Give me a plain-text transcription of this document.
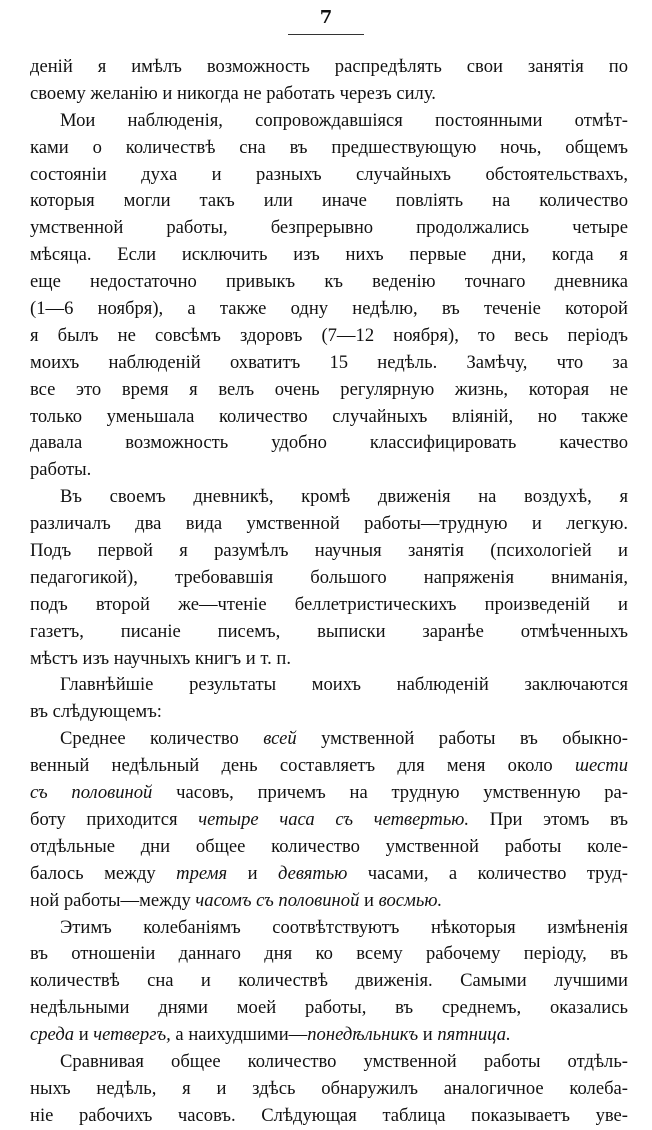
7
деній я имѣлъ возможность распредѣлять свои занятія по
своему желанію и никогда не работать черезъ силу.
Мои наблюденія, сопровождавшіяся постоянными отмѣт-
ками о количествѣ сна въ предшествующую ночь, общемъ
состояніи духа и разныхъ случайныхъ обстоятельствахъ,
которыя могли такъ или иначе повліять на количество
умственной работы, безпрерывно продолжались четыре
мѣсяца. Если исключить изъ нихъ первые дни, когда я
еще недостаточно привыкъ къ веденію точнаго дневника
(1—6 ноября), а также одну недѣлю, въ теченіе которой
я былъ не совсѣмъ здоровъ (7—12 ноября), то весь періодъ
моихъ наблюденій охватитъ 15 недѣль. Замѣчу, что за
все это время я велъ очень регулярную жизнь, которая не
только уменьшала количество случайныхъ вліяній, но также
давала возможность удобно классифицировать качество
работы.
Въ своемъ дневникѣ, кромѣ движенія на воздухѣ, я
различалъ два вида умственной работы—трудную и легкую.
Подъ первой я разумѣлъ научныя занятія (психологіей и
педагогикой), требовавшія большого напряженія вниманія,
подъ второй же—чтеніе беллетристическихъ произведеній и
газетъ, писаніе писемъ, выписки заранѣе отмѣченныхъ
мѣстъ изъ научныхъ книгъ и т. п.
Главнѣйшіе результаты моихъ наблюденій заключаются
въ слѣдующемъ:
Среднее количество всей умственной работы въ обыкно-
венный недѣльный день составляетъ для меня около шести
съ половиной часовъ, причемъ на трудную умственную ра-
боту приходится четыре часа съ четвертью. При этомъ въ
отдѣльные дни общее количество умственной работы коле-
балось между тремя и девятью часами, а количество труд-
ной работы—между часомъ съ половиной и восмью.
Этимъ колебаніямъ соотвѣтствуютъ нѣкоторыя измѣненія
въ отношеніи даннаго дня ко всему рабочему періоду, въ
количествѣ сна и количествѣ движенія. Самыми лучшими
недѣльными днями моей работы, въ среднемъ, оказались
среда и четвергъ, а наихудшими—понедѣльникъ и пятница.
Сравнивая общее количество умственной работы отдѣль-
ныхъ недѣль, я и здѣсь обнаружилъ аналогичное колеба-
ніе рабочихъ часовъ. Слѣдующая таблица показываетъ уве-
